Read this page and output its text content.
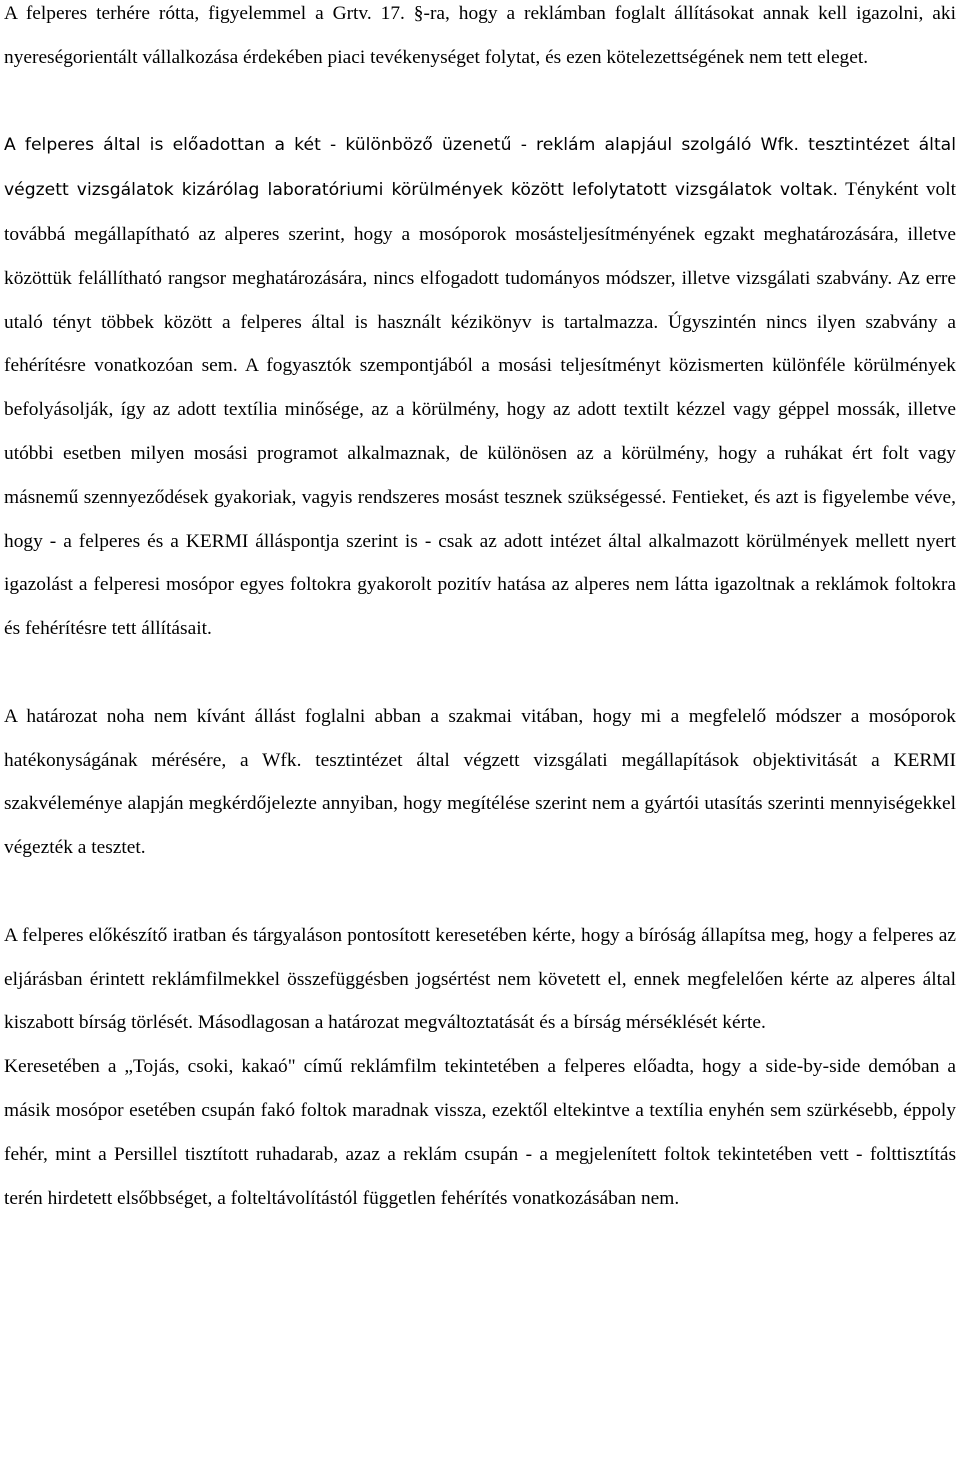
A felperes terhére rótta, figyelemmel a Grtv. 17. §-ra, hogy a reklámban foglalt állításokat annak kell igazolni, aki nyereségorientált vállalkozása érdekében piaci tevékenységet folytat, és ezen kötelezettségének nem tett eleget.

A felperes által is előadottan a két - különböző üzenetű - reklám alapjául szolgáló Wfk. tesztintézet által végzett vizsgálatok kizárólag laboratóriumi körülmények között lefolytatott vizsgálatok voltak. Tényként volt továbbá megállapítható az alperes szerint, hogy a mosóporok mosásteljesítményének egzakt meghatározására, illetve közöttük felállítható rangsor meghatározására, nincs elfogadott tudományos módszer, illetve vizsgálati szabvány. Az erre utaló tényt többek között a felperes által is használt kézikönyv is tartalmazza. Úgyszintén nincs ilyen szabvány a fehérítésre vonatkozóan sem. A fogyasztók szempontjából a mosási teljesítményt közismerten különféle körülmények befolyásolják, így az adott textília minősége, az a körülmény, hogy az adott textilt kézzel vagy géppel mossák, illetve utóbbi esetben milyen mosási programot alkalmaznak, de különösen az a körülmény, hogy a ruhákat ért folt vagy másnemű szennyeződések gyakoriak, vagyis rendszeres mosást tesznek szükségessé. Fentieket, és azt is figyelembe véve, hogy - a felperes és a KERMI álláspontja szerint is - csak az adott intézet által alkalmazott körülmények mellett nyert igazolást a felperesi mosópor egyes foltokra gyakorolt pozitív hatása az alperes nem látta igazoltnak a reklámok foltokra és fehérítésre tett állításait.

A határozat noha nem kívánt állást foglalni abban a szakmai vitában, hogy mi a megfelelő módszer a mosóporok hatékonyságának mérésére, a Wfk. tesztintézet által végzett vizsgálati megállapítások objektivitását a KERMI szakvéleménye alapján megkérdőjelezte annyiban, hogy megítélése szerint nem a gyártói utasítás szerinti mennyiségekkel végezték a tesztet.

A felperes előkészítő iratban és tárgyaláson pontosított keresetében kérte, hogy a bíróság állapítsa meg, hogy a felperes az eljárásban érintett reklámfilmekkel összefüggésben jogsértést nem követett el, ennek megfelelően kérte az alperes által kiszabott bírság törlését. Másodlagosan a határozat megváltoztatását és a bírság mérséklését kérte.

Keresetében a „Tojás, csoki, kakaó" című reklámfilm tekintetében a felperes előadta, hogy a side-by-side demóban a másik mosópor esetében csupán fakó foltok maradnak vissza, ezektől eltekintve a textília enyhén sem szürkésebb, éppoly fehér, mint a Persillel tisztított ruhadarab, azaz a reklám csupán - a megjelenített foltok tekintetében vett - folttisztítás terén hirdetett elsőbbséget, a folteltávolítástól független fehérítés vonatkozásában nem.
